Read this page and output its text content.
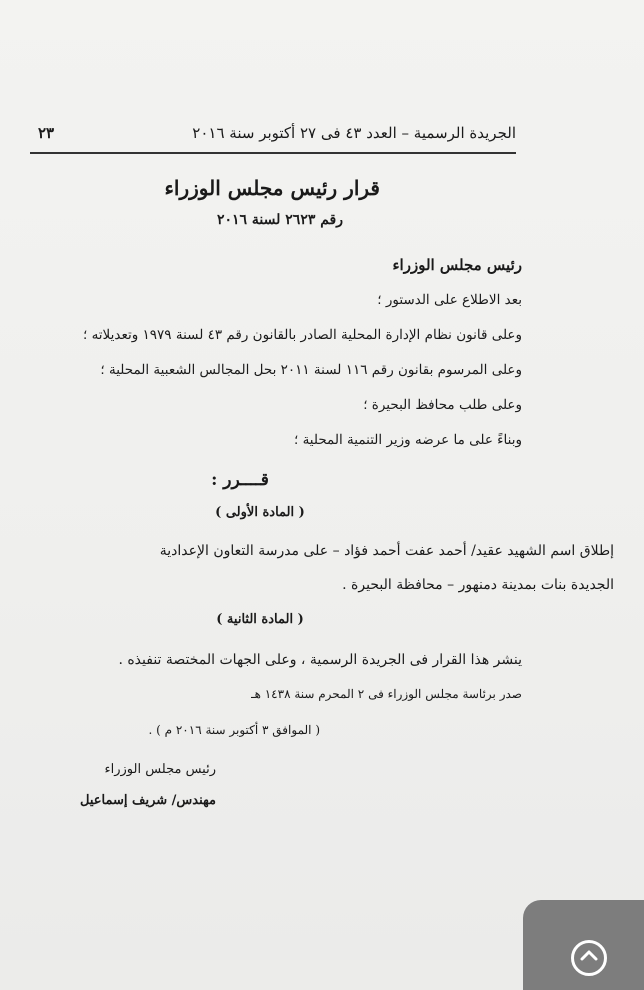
الجريدة الرسمية – العدد ٤٣ فى ٢٧ أكتوبر سنة ٢٠١٦
٢٣
قرار رئيس مجلس الوزراء
رقم ٢٦٢٣ لسنة ٢٠١٦
رئيس مجلس الوزراء
بعد الاطلاع على الدستور ؛
وعلى قانون نظام الإدارة المحلية الصادر بالقانون رقم ٤٣ لسنة ١٩٧٩ وتعديلاته ؛
وعلى المرسوم بقانون رقم ١١٦ لسنة ٢٠١١ بحل المجالس الشعبية المحلية ؛
وعلى طلب محافظ البحيرة ؛
وبناءً على ما عرضه وزير التنمية المحلية ؛
قــــرر :
( المادة الأولى )
إطلاق اسم الشهيد عقيد/ أحمد عفت أحمد فؤاد – على مدرسة التعاون الإعدادية
الجديدة بنات بمدينة دمنهور – محافظة البحيرة .
( المادة الثانية )
ينشر هذا القرار فى الجريدة الرسمية ، وعلى الجهات المختصة تنفيذه .
صدر برئاسة مجلس الوزراء فى ٢ المحرم سنة ١٤٣٨ هـ
( الموافق ٣ أكتوبر سنة ٢٠١٦ م ) .
رئيس مجلس الوزراء
مهندس/ شريف إسماعيل
